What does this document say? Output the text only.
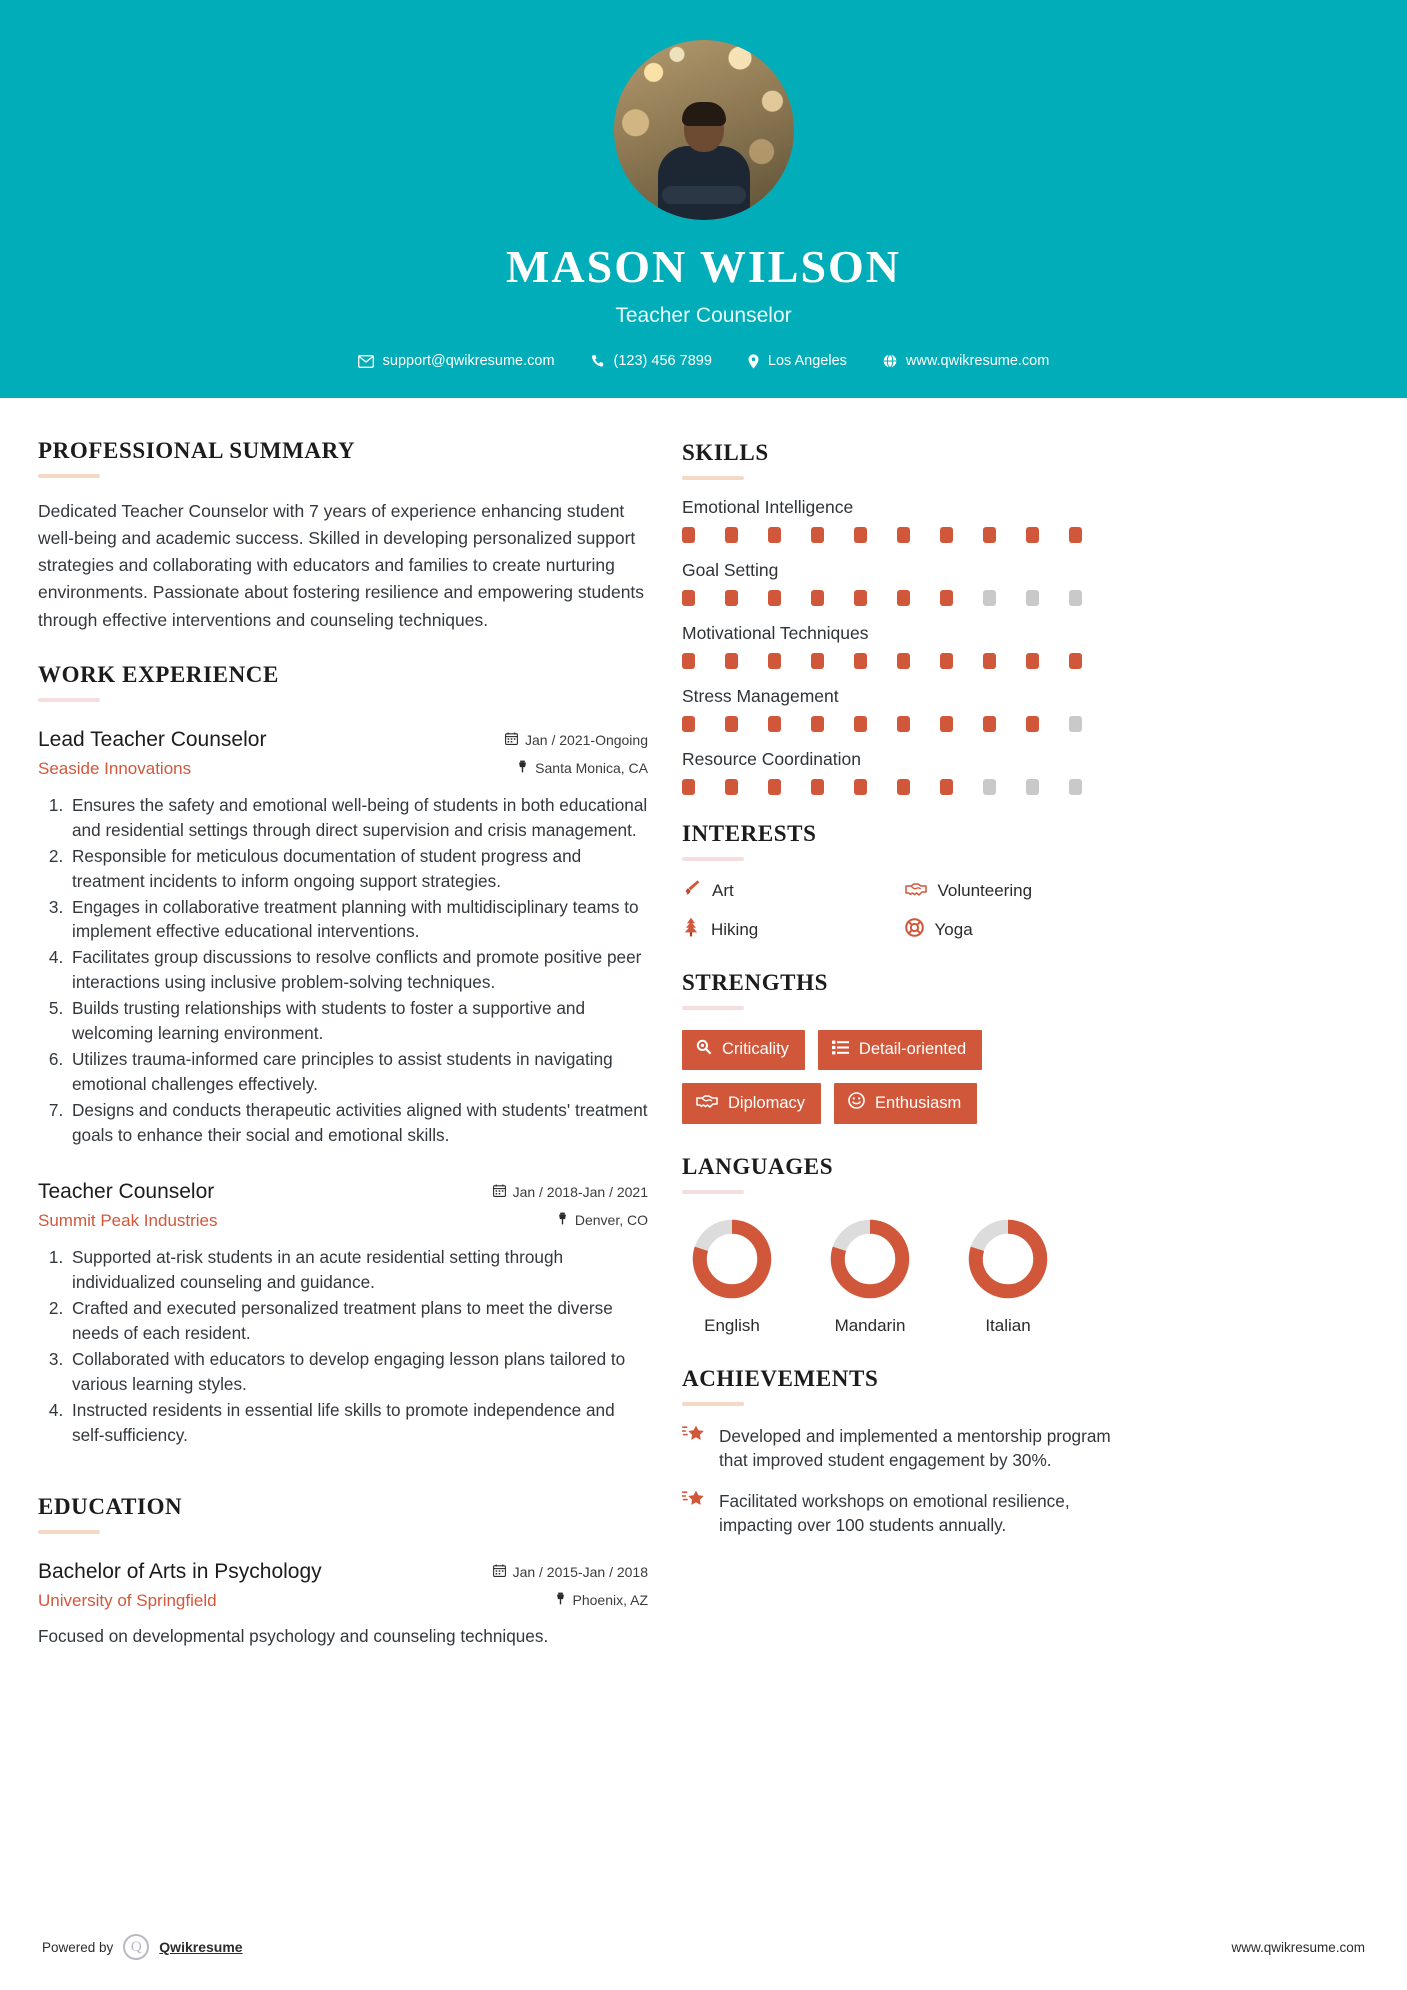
MASON WILSON
Teacher Counselor
support@qwikresume.com	(123) 456 7899	Los Angeles	www.qwikresume.com
PROFESSIONAL SUMMARY

Dedicated Teacher Counselor with 7 years of experience enhancing student well-being and academic success. Skilled in developing personalized support strategies and collaborating with educators and families to create nurturing environments. Passionate about fostering resilience and empowering students through effective interventions and counseling techniques.

WORK EXPERIENCE
Lead Teacher Counselor
Seaside Innovations
Jan / 2021-Ongoing
Santa Monica, CA
1. Ensures the safety and emotional well-being of students in both educational and residential settings through direct supervision and crisis management.
2. Responsible for meticulous documentation of student progress and treatment incidents to inform ongoing support strategies.
3. Engages in collaborative treatment planning with multidisciplinary teams to implement effective educational interventions.
4. Facilitates group discussions to resolve conflicts and promote positive peer interactions using inclusive problem-solving techniques.
5. Builds trusting relationships with students to foster a supportive and welcoming learning environment.
6. Utilizes trauma-informed care principles to assist students in navigating emotional challenges effectively.
7. Designs and conducts therapeutic activities aligned with students' treatment goals to enhance their social and emotional skills.
Teacher Counselor
Summit Peak Industries
Jan / 2018-Jan / 2021
Denver, CO
1. Supported at-risk students in an acute residential setting through individualized counseling and guidance.
2. Crafted and executed personalized treatment plans to meet the diverse needs of each resident.
3. Collaborated with educators to develop engaging lesson plans tailored to various learning styles.
4. Instructed residents in essential life skills to promote independence and self-sufficiency.
EDUCATION
Bachelor of Arts in Psychology
University of Springfield
Jan / 2015-Jan / 2018
Phoenix, AZ
Focused on developmental psychology and counseling techniques.
SKILLS
Emotional Intelligence
Goal Setting
Motivational Techniques
Stress Management
Resource Coordination
INTERESTS
Art	Volunteering
Hiking	Yoga
STRENGTHS
Criticality	Detail-oriented
Diplomacy	Enthusiasm
LANGUAGES
English	Mandarin	Italian
ACHIEVEMENTS
Developed and implemented a mentorship program that improved student engagement by 30%.
Facilitated workshops on emotional resilience, impacting over 100 students annually.
Powered by	Q	Qwikresume	www.qwikresume.com
